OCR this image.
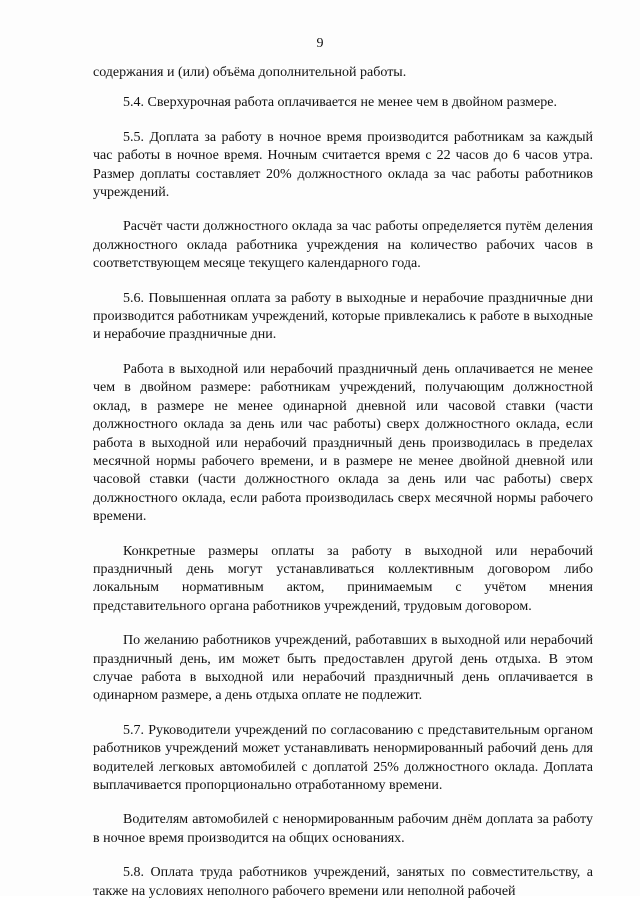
9

содержания и (или) объёма дополнительной работы.

5.4. Сверхурочная работа оплачивается не менее чем в двойном размере.

5.5. Доплата за работу в ночное время производится работникам за каждый час работы в ночное время. Ночным считается время с 22 часов до 6 часов утра. Размер доплаты составляет 20% должностного оклада за час работы работников учреждений.

Расчёт части должностного оклада за час работы определяется путём деления должностного оклада работника учреждения на количество рабочих часов в соответствующем месяце текущего календарного года.

5.6. Повышенная оплата за работу в выходные и нерабочие праздничные дни производится работникам учреждений, которые привлекались к работе в выходные и нерабочие праздничные дни.

Работа в выходной или нерабочий праздничный день оплачивается не менее чем в двойном размере: работникам учреждений, получающим должностной оклад, в размере не менее одинарной дневной или часовой ставки (части должностного оклада за день или час работы) сверх должностного оклада, если работа в выходной или нерабочий праздничный день производилась в пределах месячной нормы рабочего времени, и в размере не менее двойной дневной или часовой ставки (части должностного оклада за день или час работы) сверх должностного оклада, если работа производилась сверх месячной нормы рабочего времени.

Конкретные размеры оплаты за работу в выходной или нерабочий праздничный день могут устанавливаться коллективным договором либо локальным нормативным актом, принимаемым с учётом мнения представительного органа работников учреждений, трудовым договором.

По желанию работников учреждений, работавших в выходной или нерабочий праздничный день, им может быть предоставлен другой день отдыха. В этом случае работа в выходной или нерабочий праздничный день оплачивается в одинарном размере, а день отдыха оплате не подлежит.

5.7. Руководители учреждений по согласованию с представительным органом работников учреждений может устанавливать ненормированный рабочий день для водителей легковых автомобилей с доплатой 25% должностного оклада. Доплата выплачивается пропорционально отработанному времени.

Водителям автомобилей с ненормированным рабочим днём доплата за работу в ночное время производится на общих основаниях.

5.8. Оплата труда работников учреждений, занятых по совместительству, а также на условиях неполного рабочего времени или неполной рабочей
